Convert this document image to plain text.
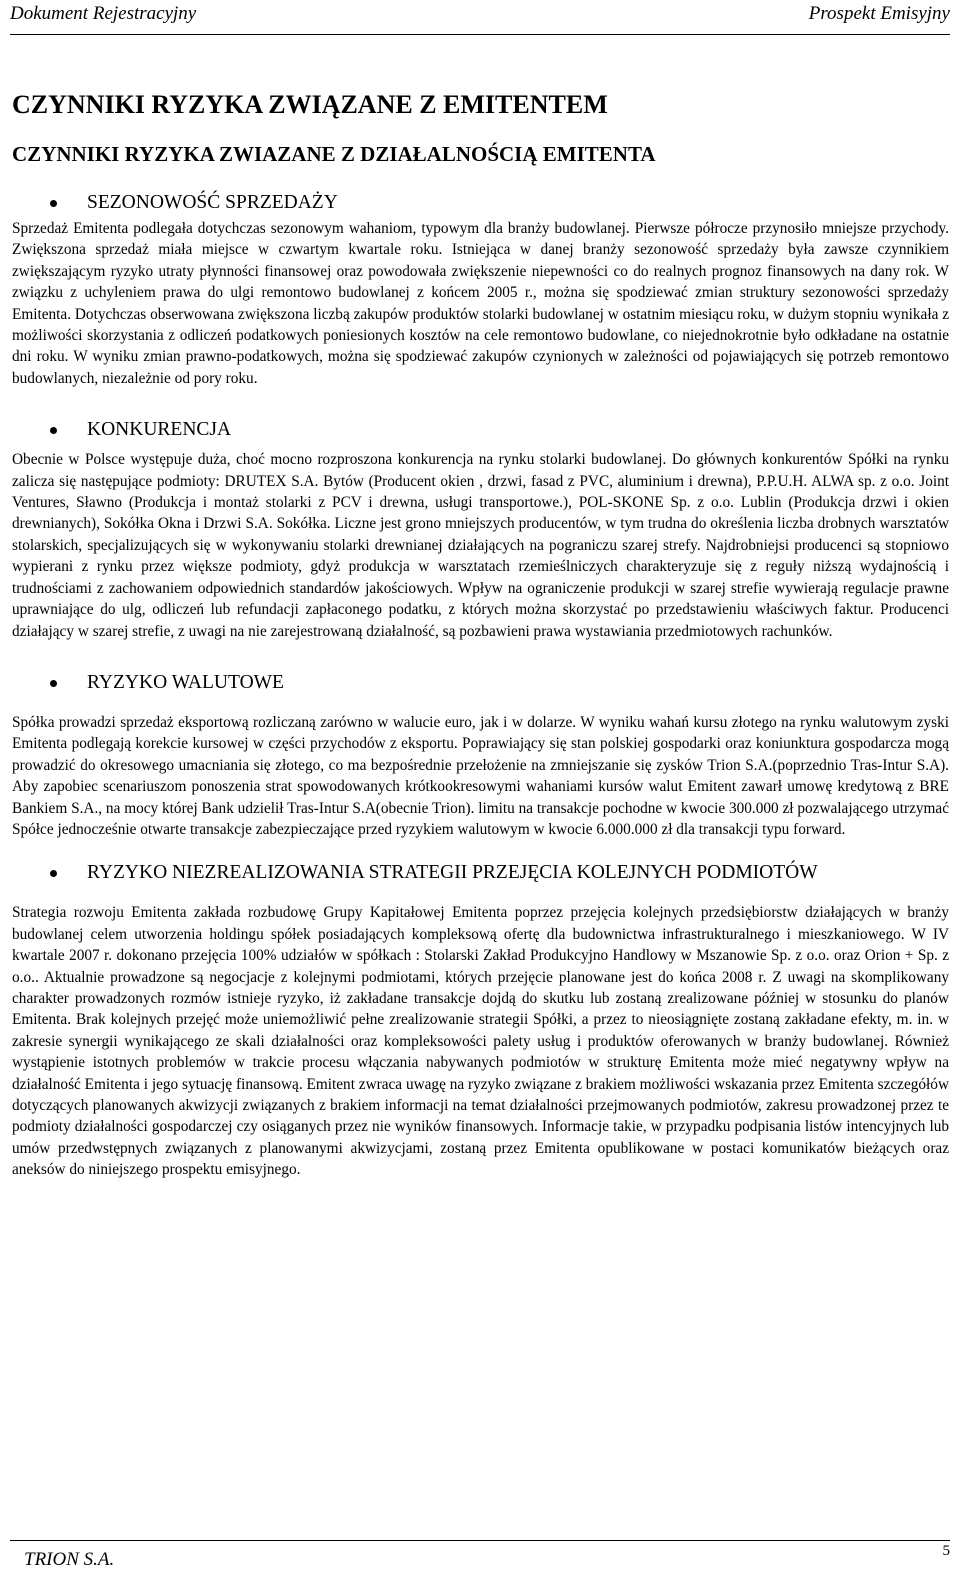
Dokument Rejestracyjny	Prospekt Emisyjny
CZYNNIKI RYZYKA ZWIĄZANE Z EMITENTEM
CZYNNIKI RYZYKA ZWIAZANE Z DZIAŁALNOŚCIĄ EMITENTA
SEZONOWOŚĆ SPRZEDAŻY

Sprzedaż Emitenta podlegała dotychczas sezonowym wahaniom, typowym dla branży budowlanej. Pierwsze półrocze przynosiło mniejsze przychody. Zwiększona sprzedaż miała miejsce w czwartym kwartale roku. Istniejąca w danej branży sezonowość sprzedaży była zawsze czynnikiem zwiększającym ryzyko utraty płynności finansowej oraz powodowała zwiększenie niepewności co do realnych prognoz finansowych na dany rok. W związku z uchyleniem prawa do ulgi remontowo budowlanej z końcem 2005 r., można się spodziewać zmian struktury sezonowości sprzedaży Emitenta. Dotychczas obserwowana zwiększona liczbą zakupów produktów stolarki budowlanej w ostatnim miesiącu roku, w dużym stopniu wynikała z możliwości skorzystania z odliczeń podatkowych poniesionych kosztów na cele remontowo budowlane, co niejednokrotnie było odkładane na ostatnie dni roku. W wyniku zmian prawno-podatkowych, można się spodziewać zakupów czynionych w zależności od pojawiających się potrzeb remontowo budowlanych, niezależnie od pory roku.

KONKURENCJA

Obecnie w Polsce występuje duża, choć mocno rozproszona konkurencja na rynku stolarki budowlanej. Do głównych konkurentów Spółki na rynku zalicza się następujące podmioty: DRUTEX S.A. Bytów (Producent okien , drzwi, fasad z PVC, aluminium i drewna), P.P.U.H. ALWA sp. z o.o. Joint Ventures, Sławno (Produkcja i montaż stolarki z PCV i drewna, usługi transportowe.), POL-SKONE Sp. z o.o. Lublin (Produkcja drzwi i okien drewnianych), Sokółka Okna i Drzwi S.A. Sokółka. Liczne jest grono mniejszych producentów, w tym trudna do określenia liczba drobnych warsztatów stolarskich, specjalizujących się w wykonywaniu stolarki drewnianej działających na pograniczu szarej strefy. Najdrobniejsi producenci są stopniowo wypierani z rynku przez większe podmioty, gdyż produkcja w warsztatach rzemieślniczych charakteryzuje się z reguły niższą wydajnością i trudnościami z zachowaniem odpowiednich standardów jakościowych. Wpływ na ograniczenie produkcji w szarej strefie wywierają regulacje prawne uprawniające do ulg, odliczeń lub refundacji zapłaconego podatku, z których można skorzystać po przedstawieniu właściwych faktur. Producenci działający w szarej strefie, z uwagi na nie zarejestrowaną działalność, są pozbawieni prawa wystawiania przedmiotowych rachunków.

RYZYKO WALUTOWE

Spółka prowadzi sprzedaż eksportową rozliczaną zarówno w walucie euro, jak i w dolarze. W wyniku wahań kursu złotego na rynku walutowym zyski Emitenta podlegają korekcie kursowej w części przychodów z eksportu. Poprawiający się stan polskiej gospodarki oraz koniunktura gospodarcza mogą prowadzić do okresowego umacniania się złotego, co ma bezpośrednie przełożenie na zmniejszanie się zysków Trion S.A.(poprzednio Tras-Intur S.A). Aby zapobiec scenariuszom ponoszenia strat spowodowanych krótkookresowymi wahaniami kursów walut Emitent zawarł umowę kredytową z BRE Bankiem S.A., na mocy której Bank udzielił Tras-Intur S.A(obecnie Trion). limitu na transakcje pochodne w kwocie 300.000 zł pozwalającego utrzymać Spółce jednocześnie otwarte transakcje zabezpieczające przed ryzykiem walutowym w kwocie 6.000.000 zł dla transakcji typu forward.

RYZYKO NIEZREALIZOWANIA STRATEGII PRZEJĘCIA KOLEJNYCH PODMIOTÓW

Strategia rozwoju Emitenta zakłada rozbudowę Grupy Kapitałowej Emitenta poprzez przejęcia kolejnych przedsiębiorstw działających w branży budowlanej celem utworzenia holdingu spółek posiadających kompleksową ofertę dla budownictwa infrastrukturalnego i mieszkaniowego. W IV kwartale 2007 r. dokonano przejęcia 100% udziałów w spółkach : Stolarski Zakład Produkcyjno Handlowy w Mszanowie Sp. z o.o. oraz Orion + Sp. z o.o.. Aktualnie prowadzone są negocjacje z kolejnymi podmiotami, których przejęcie planowane jest do końca 2008 r. Z uwagi na skomplikowany charakter prowadzonych rozmów istnieje ryzyko, iż zakładane transakcje dojdą do skutku lub zostaną zrealizowane później w stosunku do planów Emitenta. Brak kolejnych przejęć może uniemożliwić pełne zrealizowanie strategii Spółki, a przez to nieosiągnięte zostaną zakładane efekty, m. in. w zakresie synergii wynikającego ze skali działalności oraz kompleksowości palety usług i produktów oferowanych w branży budowlanej. Również wystąpienie istotnych problemów w trakcie procesu włączania nabywanych podmiotów w strukturę Emitenta może mieć negatywny wpływ na działalność Emitenta i jego sytuację finansową. Emitent zwraca uwagę na ryzyko związane z brakiem możliwości wskazania przez Emitenta szczegółów dotyczących planowanych akwizycji związanych z brakiem informacji na temat działalności przejmowanych podmiotów, zakresu prowadzonej przez te podmioty działalności gospodarczej czy osiąganych przez nie wyników finansowych. Informacje takie, w przypadku podpisania listów intencyjnych lub umów przedwstępnych związanych z planowanymi akwizycjami, zostaną przez Emitenta opublikowane w postaci komunikatów bieżących oraz aneksów do niniejszego prospektu emisyjnego.

TRION S.A.	5
